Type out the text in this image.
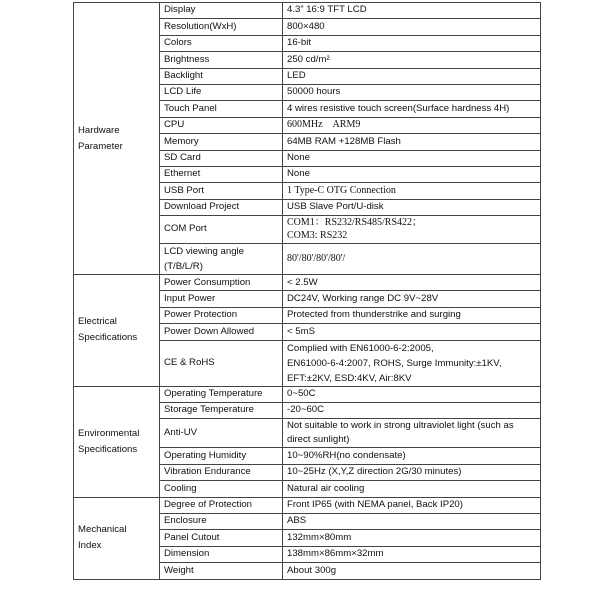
Hardware
Parameter	Display	4.3” 16:9 TFT LCD
	Resolution(WxH)	800×480
	Colors	16-bit
	Brightness	250 cd/m²
	Backlight	LED
	LCD Life	50000 hours
	Touch Panel	4 wires resistive touch screen(Surface hardness 4H)
	CPU	600MHz　ARM9
	Memory	64MB RAM +128MB Flash
	SD Card	None
	Ethernet	None
	USB Port	1 Type-C OTG Connection
	Download Project	USB Slave Port/U-disk
	COM Port	COM1：RS232/RS485/RS422；
COM3: RS232

	LCD viewing angle
(T/B/L/R)	80'/80'/80'/80'/

Electrical
Specifications	Power Consumption	< 2.5W
	Input Power	DC24V, Working range DC 9V~28V
	Power Protection	Protected from thunderstrike and surging
	Power Down Allowed	< 5mS
	CE & RoHS	Complied with EN61000-6-2:2005,
EN61000-6-4:2007, ROHS, Surge Immunity:±1KV,
EFT:±2KV, ESD:4KV, Air:8KV

Environmental
Specifications	Operating Temperature	0~50C
	Storage Temperature	-20~60C
	Anti-UV	Not suitable to work in strong ultraviolet light (such as
direct sunlight)

	Operating Humidity	10~90%RH(no condensate)
	Vibration Endurance	10~25Hz (X,Y,Z direction 2G/30 minutes)
	Cooling	Natural air cooling

Mechanical
Index	Degree of Protection	Front IP65 (with NEMA panel, Back IP20)
	Enclosure	ABS
	Panel Cutout	132mm×80mm
	Dimension	138mm×86mm×32mm
	Weight	About 300g
